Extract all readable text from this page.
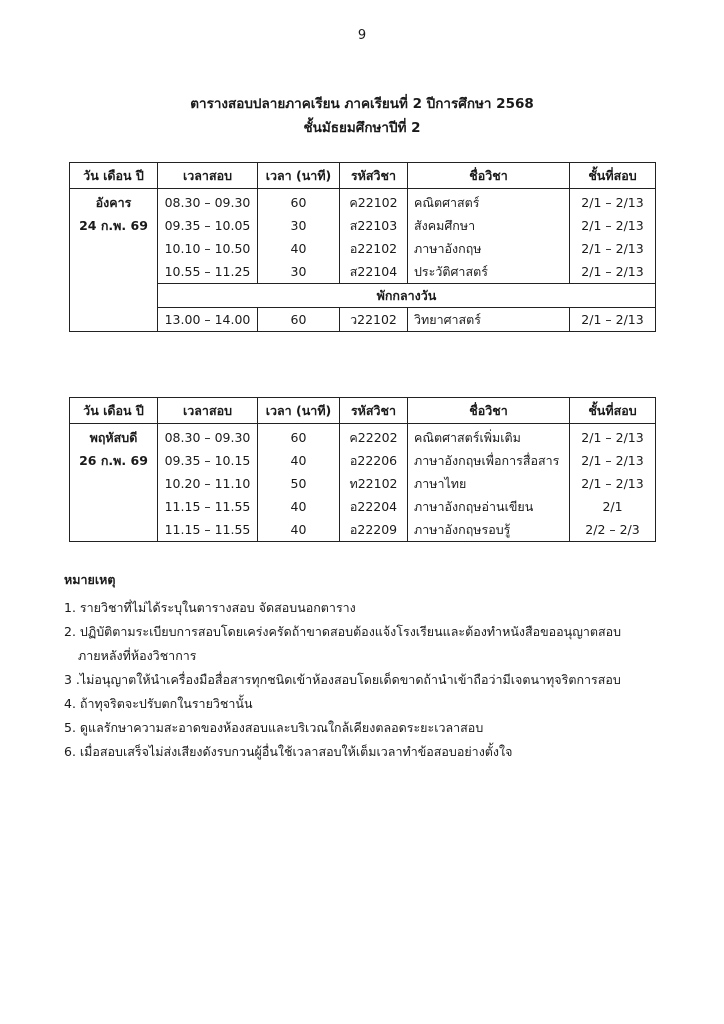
9
ตารางสอบปลายภาคเรียน ภาคเรียนที่ 2 ปีการศึกษา 2568
ชั้นมัธยมศึกษาปีที่ 2
วัน เดือน ปี	เวลาสอบ	เวลา (นาที)	รหัสวิชา	ชื่อวิชา	ชั้นที่สอบ
อังคาร	08.30 – 09.30	60	ค22102	คณิตศาสตร์	2/1 – 2/13
24 ก.พ. 69	09.35 – 10.05	30	ส22103	สังคมศึกษา	2/1 – 2/13
	10.10 – 10.50	40	อ22102	ภาษาอังกฤษ	2/1 – 2/13
	10.55 – 11.25	30	ส22104	ประวัติศาสตร์	2/1 – 2/13
	พักกลางวัน				
	13.00 – 14.00	60	ว22102	วิทยาศาสตร์	2/1 – 2/13
วัน เดือน ปี	เวลาสอบ	เวลา (นาที)	รหัสวิชา	ชื่อวิชา	ชั้นที่สอบ
พฤหัสบดี	08.30 – 09.30	60	ค22202	คณิตศาสตร์เพิ่มเติม	2/1 – 2/13
26 ก.พ. 69	09.35 – 10.15	40	อ22206	ภาษาอังกฤษเพื่อการสื่อสาร	2/1 – 2/13
	10.20 – 11.10	50	ท22102	ภาษาไทย	2/1 – 2/13
	11.15 – 11.55	40	อ22204	ภาษาอังกฤษอ่านเขียน	2/1
	11.15 – 11.55	40	อ22209	ภาษาอังกฤษรอบรู้	2/2 – 2/3
หมายเหตุ
1. รายวิชาที่ไม่ได้ระบุในตารางสอบ จัดสอบนอกตาราง
2. ปฏิบัติตามระเบียบการสอบโดยเคร่งครัดถ้าขาดสอบต้องแจ้งโรงเรียนและต้องทำหนังสือขออนุญาตสอบ
ภายหลังที่ห้องวิชาการ
3 .ไม่อนุญาตให้นำเครื่องมือสื่อสารทุกชนิดเข้าห้องสอบโดยเด็ดขาดถ้านำเข้าถือว่ามีเจตนาทุจริตการสอบ
4. ถ้าทุจริตจะปรับตกในรายวิชานั้น
5. ดูแลรักษาความสะอาดของห้องสอบและบริเวณใกล้เคียงตลอดระยะเวลาสอบ
6. เมื่อสอบเสร็จไม่ส่งเสียงดังรบกวนผู้อื่นใช้เวลาสอบให้เต็มเวลาทำข้อสอบอย่างตั้งใจ
